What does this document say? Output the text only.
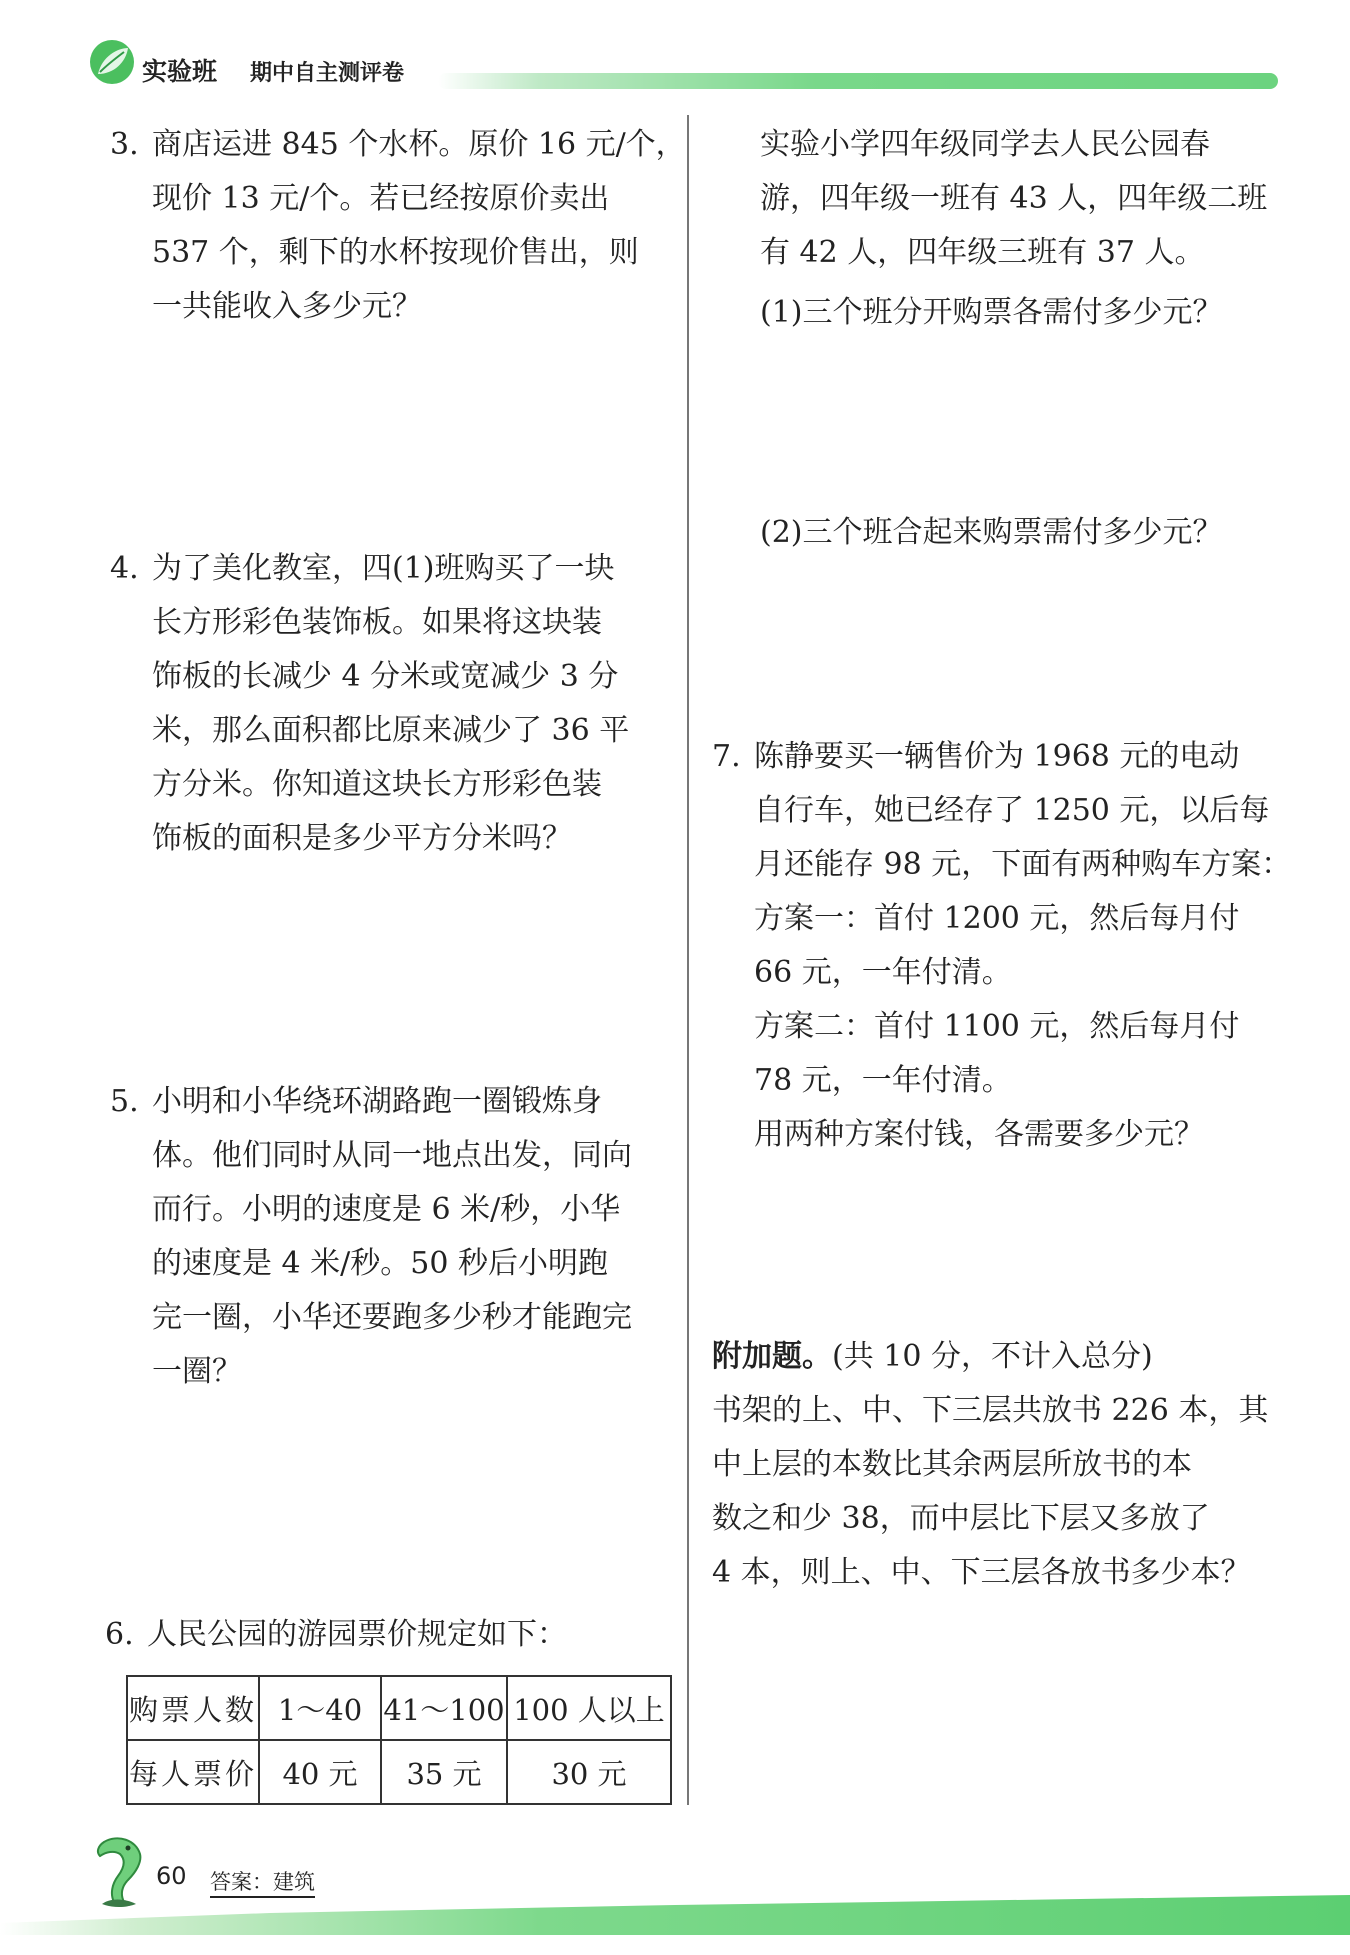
实验班 期中自主测评卷
3. 商店运进 845 个水杯。原价 16 元/个，
现价 13 元/个。若已经按原价卖出
537 个，剩下的水杯按现价售出，则
一共能收入多少元？
4. 为了美化教室，四(1)班购买了一块
长方形彩色装饰板。如果将这块装
饰板的长减少 4 分米或宽减少 3 分
米，那么面积都比原来减少了 36 平
方分米。你知道这块长方形彩色装
饰板的面积是多少平方分米吗？
5. 小明和小华绕环湖路跑一圈锻炼身
体。他们同时从同一地点出发，同向
而行。小明的速度是 6 米/秒，小华
的速度是 4 米/秒。50 秒后小明跑
完一圈，小华还要跑多少秒才能跑完
一圈？
6. 人民公园的游园票价规定如下：
购票人数	1～40	41～100	100 人以上
每人票价	40 元	35 元	30 元
实验小学四年级同学去人民公园春
游，四年级一班有 43 人，四年级二班
有 42 人，四年级三班有 37 人。
(1)三个班分开购票各需付多少元？
(2)三个班合起来购票需付多少元？
7. 陈静要买一辆售价为 1968 元的电动
自行车，她已经存了 1250 元，以后每
月还能存 98 元，下面有两种购车方案：
方案一：首付 1200 元，然后每月付
66 元，一年付清。
方案二：首付 1100 元，然后每月付
78 元，一年付清。
用两种方案付钱，各需要多少元？
附加题。(共 10 分，不计入总分)
书架的上、中、下三层共放书 226 本，其
中上层的本数比其余两层所放书的本
数之和少 38，而中层比下层又多放了
4 本，则上、中、下三层各放书多少本？
60 答案：建筑
